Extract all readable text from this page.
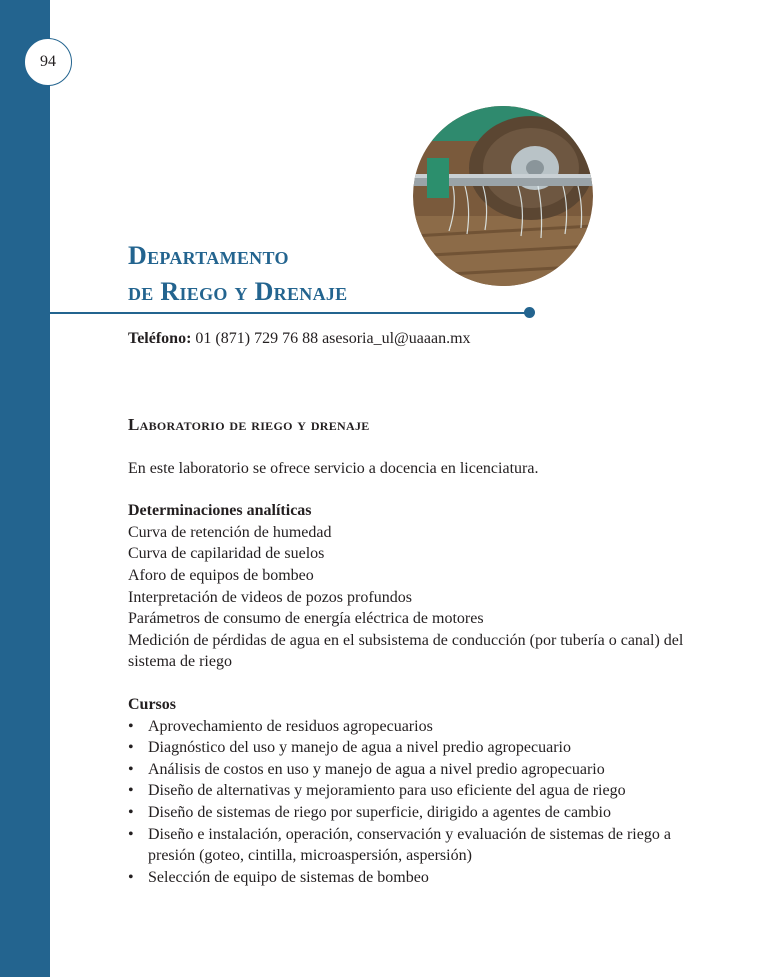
94
Departamento
de Riego y Drenaje
Teléfono: 01 (871) 729 76 88 asesoria_ul@uaaan.mx
Laboratorio de riego y drenaje

En este laboratorio se ofrece servicio a docencia en licenciatura.

Determinaciones analíticas

Curva de retención de humedad
Curva de capilaridad de suelos
Aforo de equipos de bombeo
Interpretación de videos de pozos profundos
Parámetros de consumo de energía eléctrica de motores
Medición de pérdidas de agua en el subsistema de conducción (por tubería o canal) del sistema de riego

Cursos

• Aprovechamiento de residuos agropecuarios
• Diagnóstico del uso y manejo de agua a nivel predio agropecuario
• Análisis de costos en uso y manejo de agua a nivel predio agropecuario
• Diseño de alternativas y mejoramiento para uso eficiente del agua de riego
• Diseño de sistemas de riego por superficie, dirigido a agentes de cambio
• Diseño e instalación, operación, conservación y evaluación de sistemas de riego a presión (goteo, cintilla, microaspersión, aspersión)
• Selección de equipo de sistemas de bombeo
